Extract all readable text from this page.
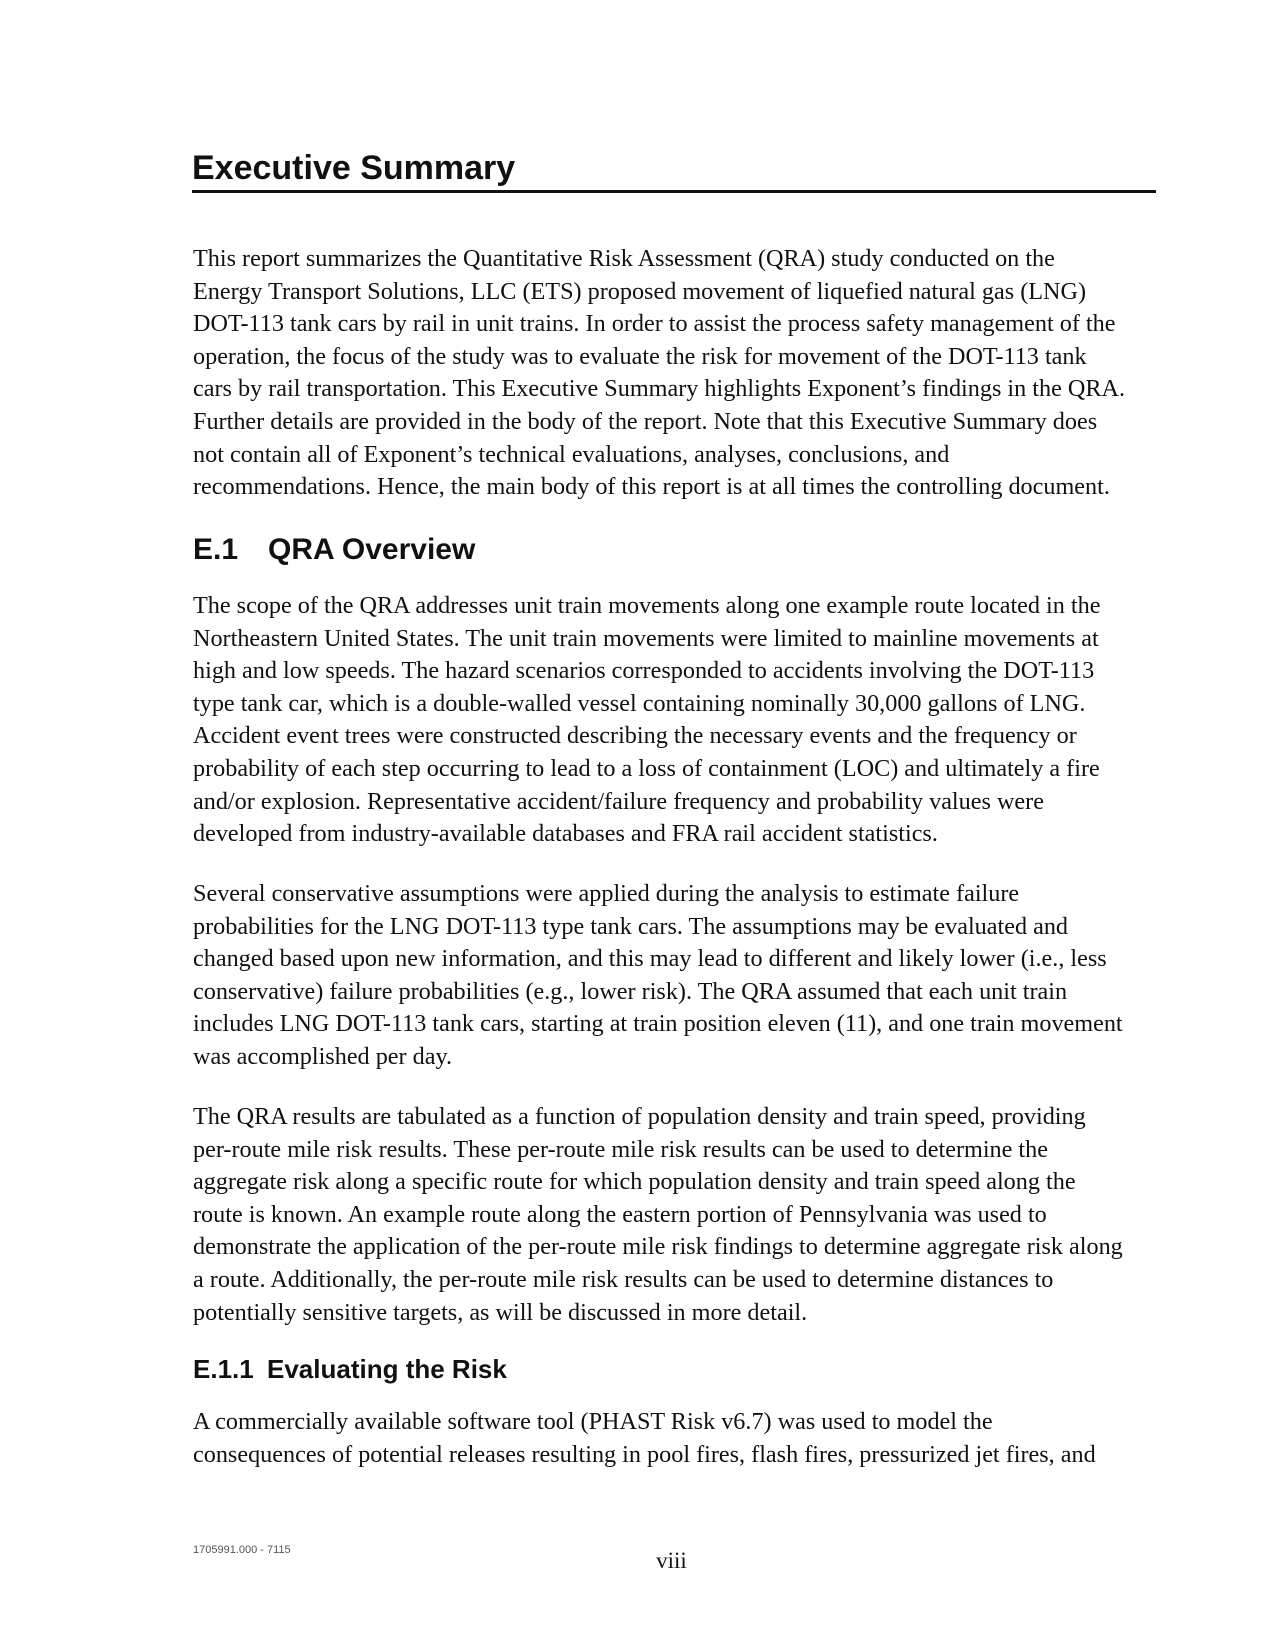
Executive Summary

This report summarizes the Quantitative Risk Assessment (QRA) study conducted on the
Energy Transport Solutions, LLC (ETS) proposed movement of liquefied natural gas (LNG)
DOT-113 tank cars by rail in unit trains. In order to assist the process safety management of the
operation, the focus of the study was to evaluate the risk for movement of the DOT-113 tank
cars by rail transportation. This Executive Summary highlights Exponent’s findings in the QRA.
Further details are provided in the body of the report. Note that this Executive Summary does
not contain all of Exponent’s technical evaluations, analyses, conclusions, and
recommendations. Hence, the main body of this report is at all times the controlling document.

E.1 QRA Overview

The scope of the QRA addresses unit train movements along one example route located in the
Northeastern United States. The unit train movements were limited to mainline movements at
high and low speeds. The hazard scenarios corresponded to accidents involving the DOT-113
type tank car, which is a double-walled vessel containing nominally 30,000 gallons of LNG.
Accident event trees were constructed describing the necessary events and the frequency or
probability of each step occurring to lead to a loss of containment (LOC) and ultimately a fire
and/or explosion. Representative accident/failure frequency and probability values were
developed from industry-available databases and FRA rail accident statistics.

Several conservative assumptions were applied during the analysis to estimate failure
probabilities for the LNG DOT-113 type tank cars. The assumptions may be evaluated and
changed based upon new information, and this may lead to different and likely lower (i.e., less
conservative) failure probabilities (e.g., lower risk). The QRA assumed that each unit train
includes LNG DOT-113 tank cars, starting at train position eleven (11), and one train movement
was accomplished per day.

The QRA results are tabulated as a function of population density and train speed, providing
per-route mile risk results. These per-route mile risk results can be used to determine the
aggregate risk along a specific route for which population density and train speed along the
route is known. An example route along the eastern portion of Pennsylvania was used to
demonstrate the application of the per-route mile risk findings to determine aggregate risk along
a route. Additionally, the per-route mile risk results can be used to determine distances to
potentially sensitive targets, as will be discussed in more detail.

E.1.1 Evaluating the Risk

A commercially available software tool (PHAST Risk v6.7) was used to model the
consequences of potential releases resulting in pool fires, flash fires, pressurized jet fires, and

1705991.000 - 7115	viii
